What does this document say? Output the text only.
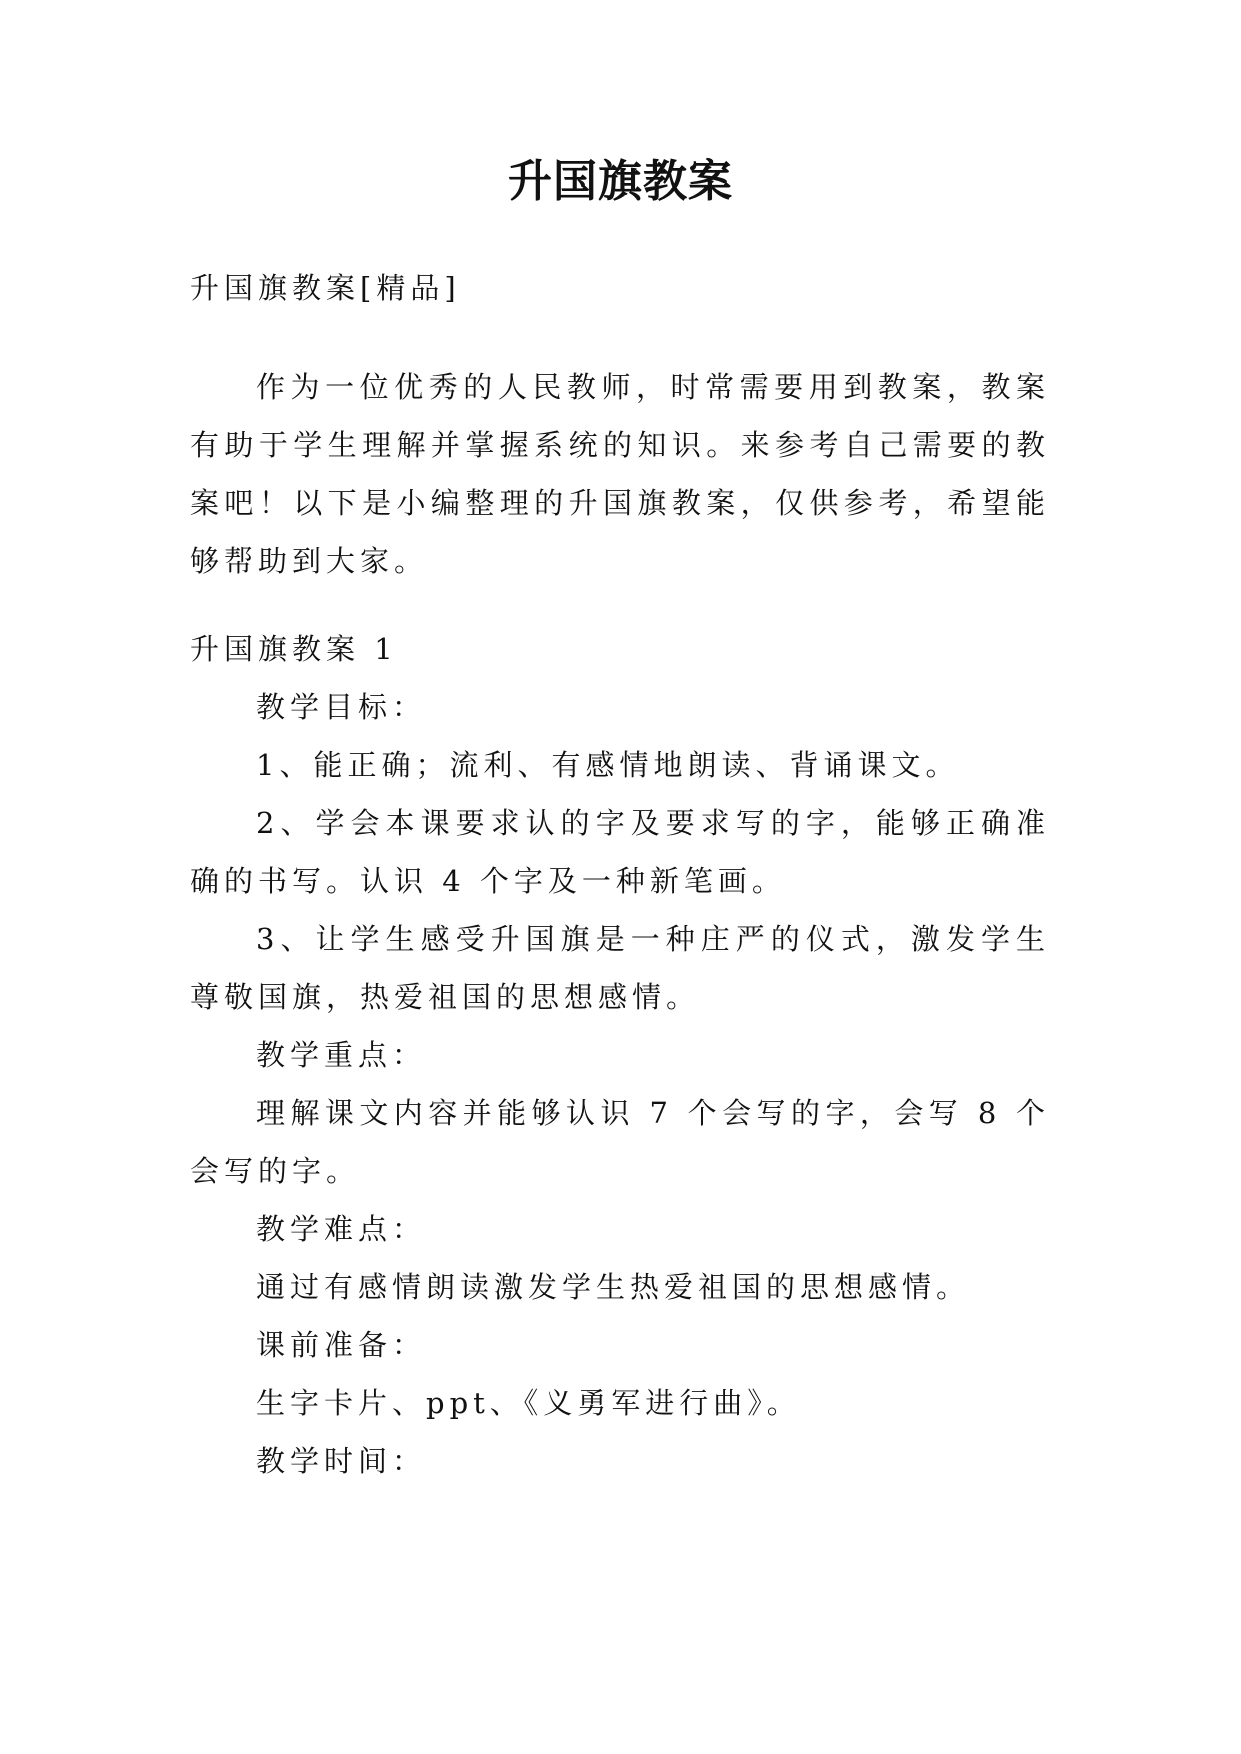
升国旗教案

升国旗教案[精品]

作为一位优秀的人民教师，时常需要用到教案，教案有助于学生理解并掌握系统的知识。来参考自己需要的教案吧！以下是小编整理的升国旗教案，仅供参考，希望能够帮助到大家。

升国旗教案 1

教学目标：

1、能正确；流利、有感情地朗读、背诵课文。

2、学会本课要求认的字及要求写的字，能够正确准确的书写。认识 4 个字及一种新笔画。

3、让学生感受升国旗是一种庄严的仪式，激发学生尊敬国旗，热爱祖国的思想感情。

教学重点：

理解课文内容并能够认识 7 个会写的字，会写 8 个会写的字。

教学难点：

通过有感情朗读激发学生热爱祖国的思想感情。

课前准备：

生字卡片、ppt、《义勇军进行曲》。

教学时间：
